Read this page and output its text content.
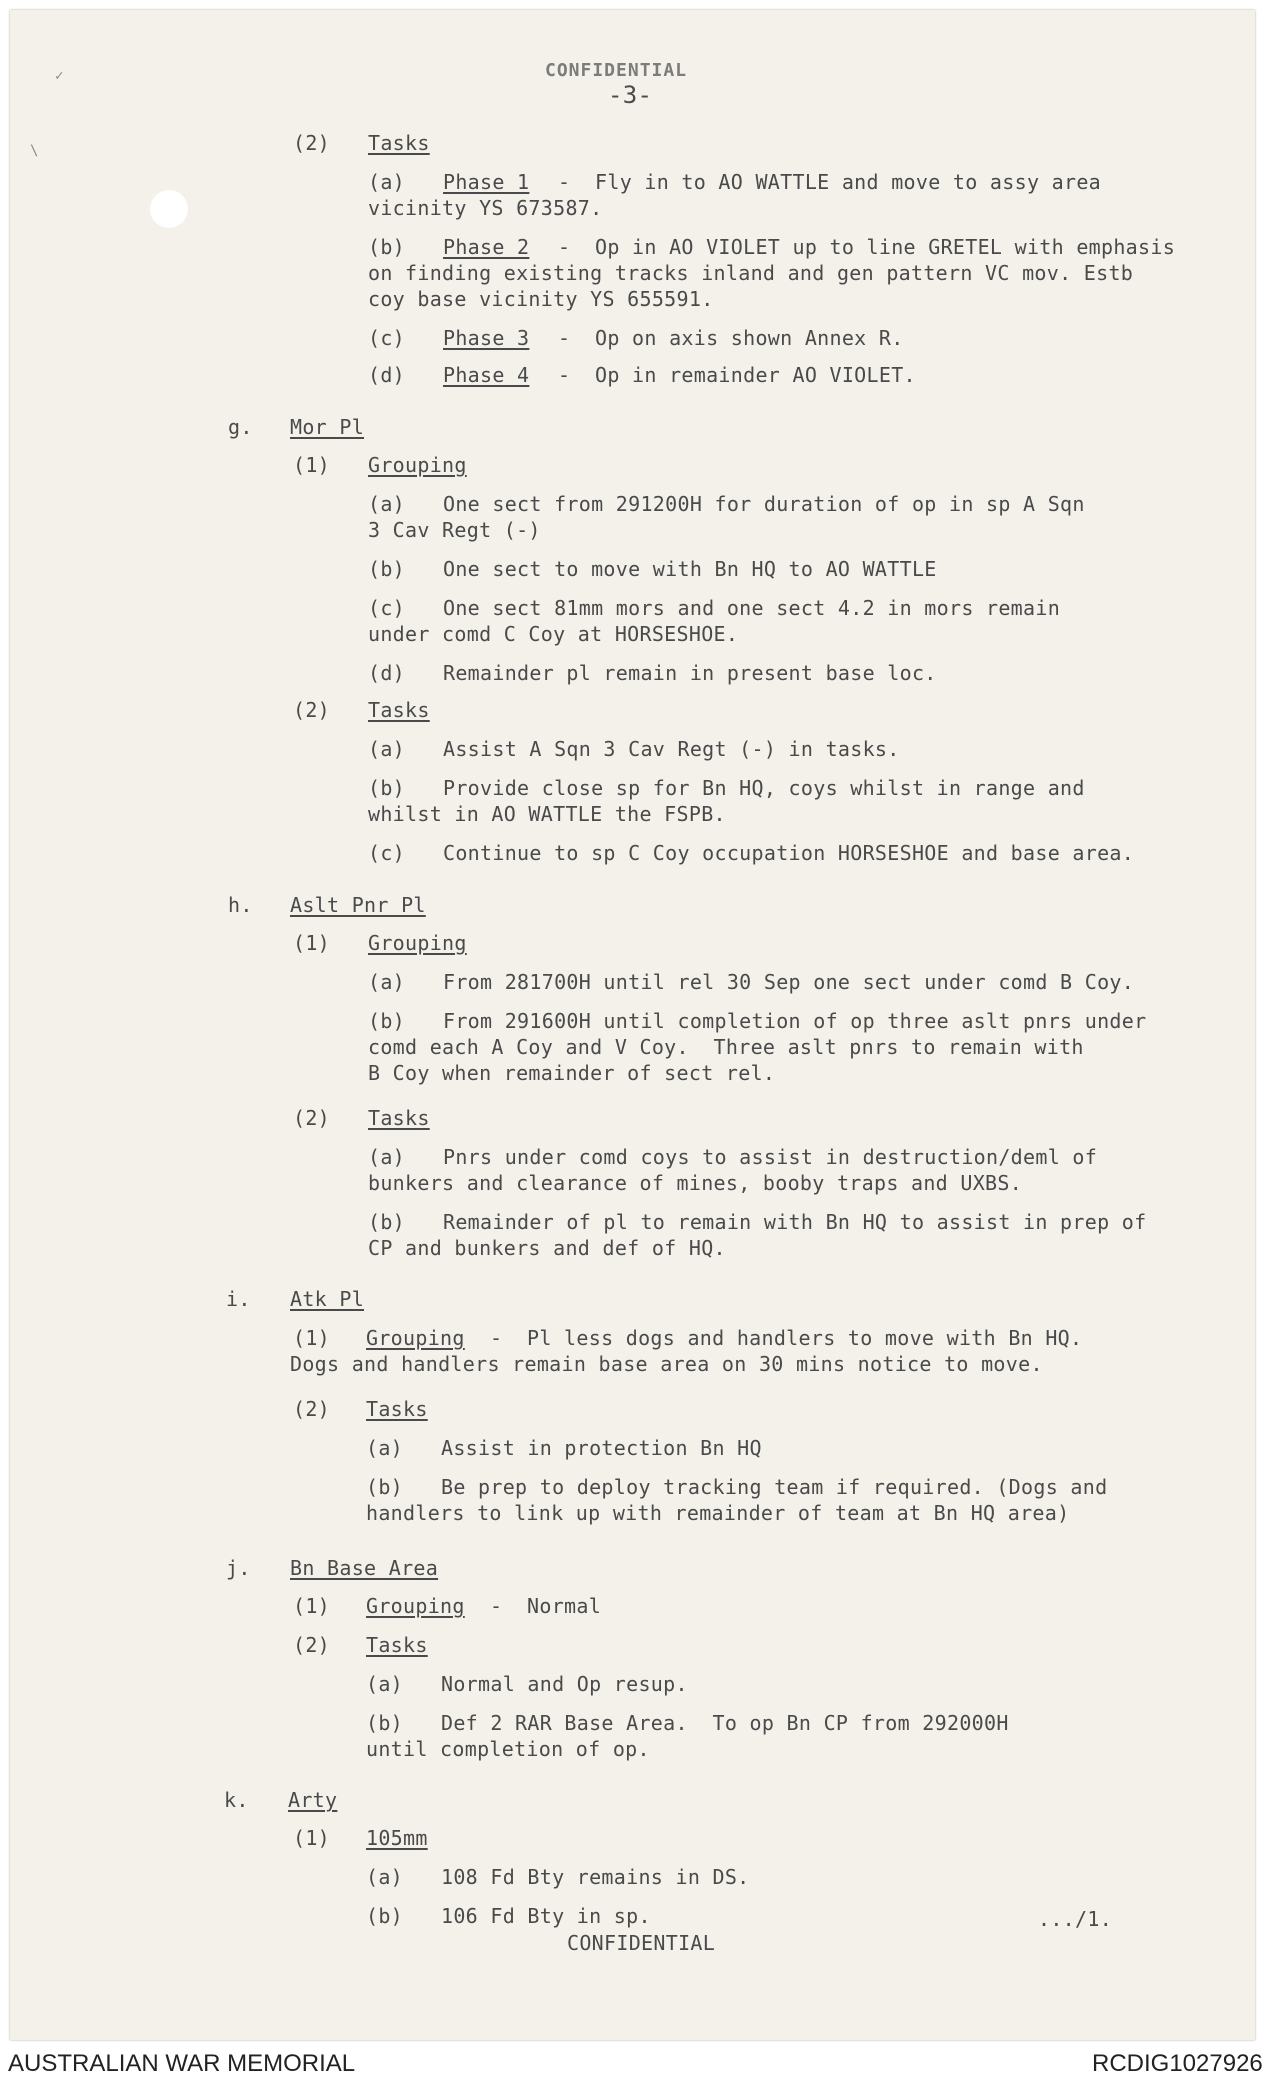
✓
\
CONFIDENTIAL
-3-
(2) Tasks
(a) Phase 1 -  Fly in to AO WATTLE and move to assy area
vicinity YS 673587.
(b) Phase 2 -  Op in AO VIOLET up to line GRETEL with emphasis
on finding existing tracks inland and gen pattern VC mov. Estb
coy base vicinity YS 655591.
(c) Phase 3 -  Op on axis shown Annex R.
(d) Phase 4 -  Op in remainder AO VIOLET.
g. Mor Pl
(1) Grouping
(a) One sect from 291200H for duration of op in sp A Sqn
3 Cav Regt (-)
(b) One sect to move with Bn HQ to AO WATTLE
(c) One sect 81mm mors and one sect 4.2 in mors remain
under comd C Coy at HORSESHOE.
(d) Remainder pl remain in present base loc.
(2) Tasks
(a) Assist A Sqn 3 Cav Regt (-) in tasks.
(b) Provide close sp for Bn HQ, coys whilst in range and
whilst in AO WATTLE the FSPB.
(c) Continue to sp C Coy occupation HORSESHOE and base area.
h. Aslt Pnr Pl
(1) Grouping
(a) From 281700H until rel 30 Sep one sect under comd B Coy.
(b) From 291600H until completion of op three aslt pnrs under
comd each A Coy and V Coy.  Three aslt pnrs to remain with
B Coy when remainder of sect rel.
(2) Tasks
(a) Pnrs under comd coys to assist in destruction/deml of
bunkers and clearance of mines, booby traps and UXBS.
(b) Remainder of pl to remain with Bn HQ to assist in prep of
CP and bunkers and def of HQ.
i. Atk Pl
(1) Grouping -  Pl less dogs and handlers to move with Bn HQ.
Dogs and handlers remain base area on 30 mins notice to move.
(2) Tasks
(a) Assist in protection Bn HQ
(b) Be prep to deploy tracking team if required. (Dogs and
handlers to link up with remainder of team at Bn HQ area)
j. Bn Base Area
(1) Grouping -  Normal
(2) Tasks
(a) Normal and Op resup.
(b) Def 2 RAR Base Area.  To op Bn CP from 292000H
until completion of op.
k. Arty
(1) 105mm
(a) 108 Fd Bty remains in DS.
(b) 106 Fd Bty in sp.	.../1.
CONFIDENTIAL
AUSTRALIAN WAR MEMORIAL	RCDIG1027926
